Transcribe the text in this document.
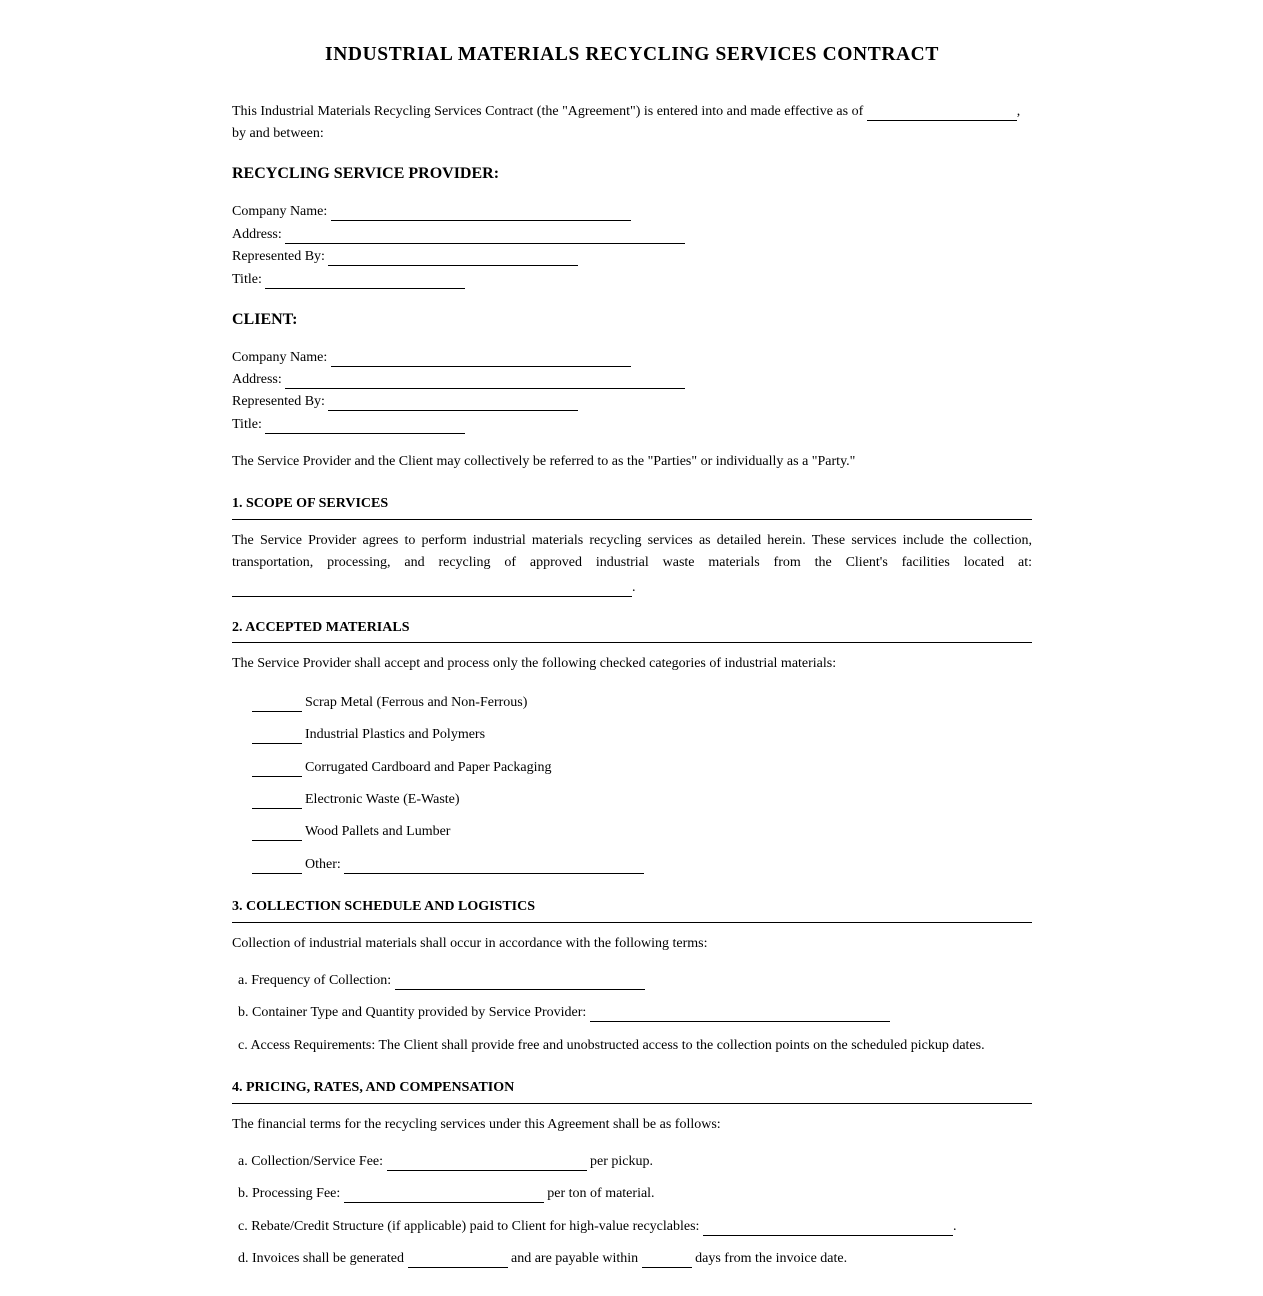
INDUSTRIAL MATERIALS RECYCLING SERVICES CONTRACT
This Industrial Materials Recycling Services Contract (the "Agreement") is entered into and made effective as of	,
by and between:
RECYCLING SERVICE PROVIDER:
Company Name:
Address:
Represented By:
Title:
CLIENT:
Company Name:
Address:
Represented By:
Title:
The Service Provider and the Client may collectively be referred to as the "Parties" or individually as a "Party."
1. SCOPE OF SERVICES
The Service Provider agrees to perform industrial materials recycling services as detailed herein. These services include the collection,
transportation, processing, and recycling of approved industrial waste materials from the Client's facilities located at:
.
2. ACCEPTED MATERIALS
The Service Provider shall accept and process only the following checked categories of industrial materials:
Scrap Metal (Ferrous and Non-Ferrous)
Industrial Plastics and Polymers
Corrugated Cardboard and Paper Packaging
Electronic Waste (E-Waste)
Wood Pallets and Lumber
Other:
3. COLLECTION SCHEDULE AND LOGISTICS
Collection of industrial materials shall occur in accordance with the following terms:
a. Frequency of Collection:
b. Container Type and Quantity provided by Service Provider:
c. Access Requirements: The Client shall provide free and unobstructed access to the collection points on the scheduled pickup dates.
4. PRICING, RATES, AND COMPENSATION
The financial terms for the recycling services under this Agreement shall be as follows:
a. Collection/Service Fee:	per pickup.
b. Processing Fee:	per ton of material.
c. Rebate/Credit Structure (if applicable) paid to Client for high-value recyclables:	.
d. Invoices shall be generated	and are payable within	days from the invoice date.
